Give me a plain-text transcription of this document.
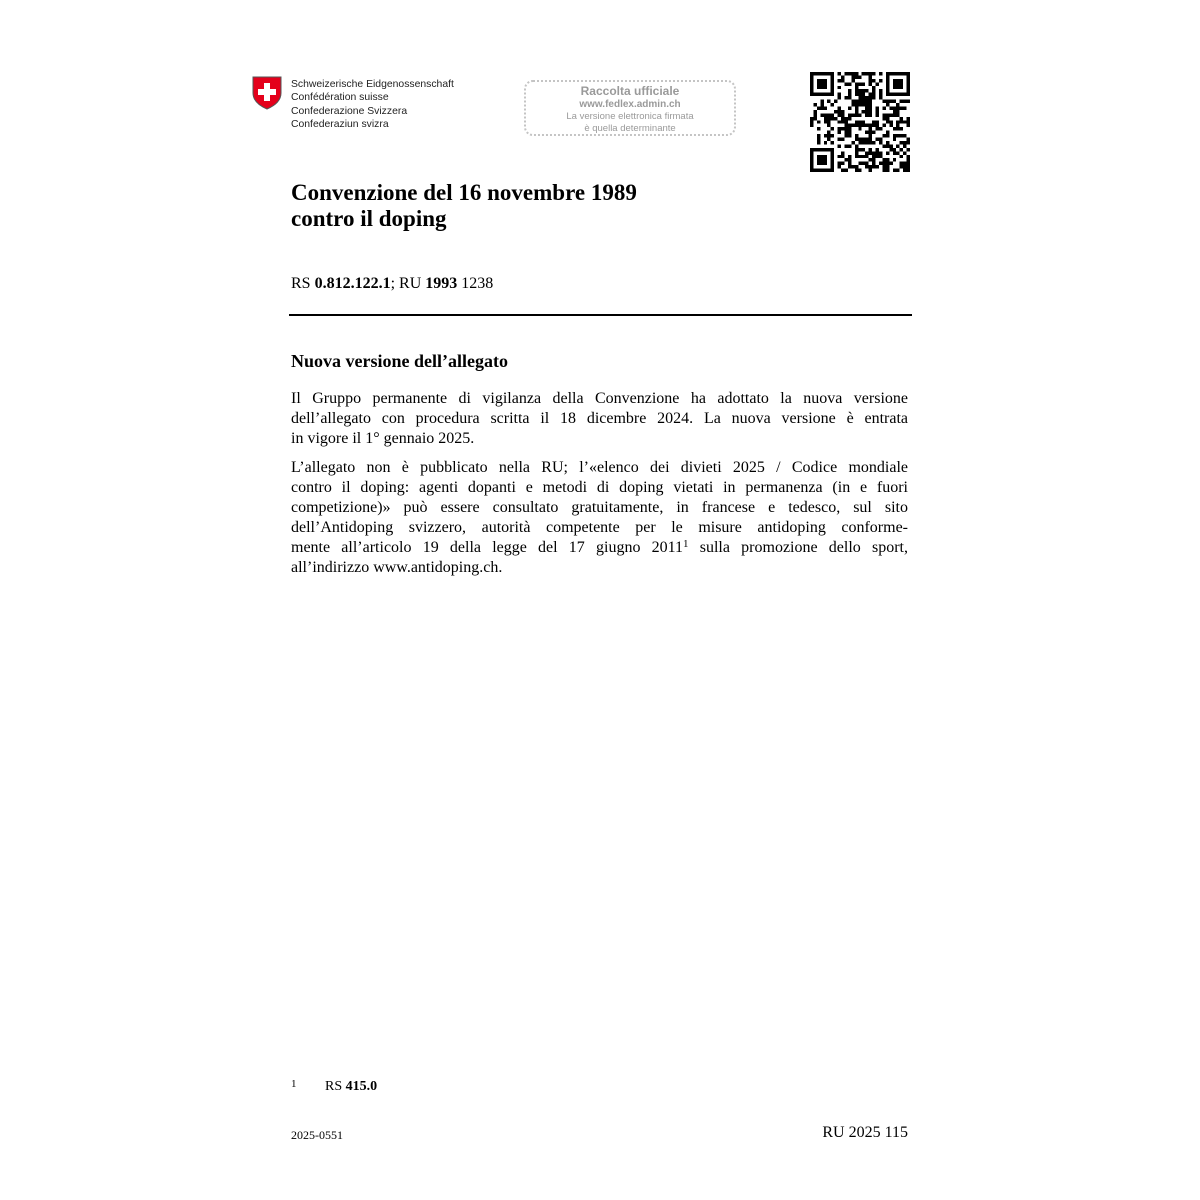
Schweizerische Eidgenossenschaft
Confédération suisse
Confederazione Svizzera
Confederaziun svizra
Raccolta ufficiale
www.fedlex.admin.ch
La versione elettronica firmata
è quella determinante
Convenzione del 16 novembre 1989
contro il doping
RS 0.812.122.1; RU 1993 1238
Nuova versione dell’allegato

Il Gruppo permanente di vigilanza della Convenzione ha adottato la nuova versione
dell’allegato con procedura scritta il 18 dicembre 2024. La nuova versione è entrata
in vigore il 1° gennaio 2025.

L’allegato non è pubblicato nella RU; l’«elenco dei divieti 2025 / Codice mondiale
contro il doping: agenti dopanti e metodi di doping vietati in permanenza (in e fuori
competizione)» può essere consultato gratuitamente, in francese e tedesco, sul sito
dell’Antidoping svizzero, autorità competente per le misure antidoping conforme-
mente all’articolo 19 della legge del 17 giugno 2011$^1$ sulla promozione dello sport,
all’indirizzo www.antidoping.ch.

1 RS 415.0
2025-0551	RU 2025 115
